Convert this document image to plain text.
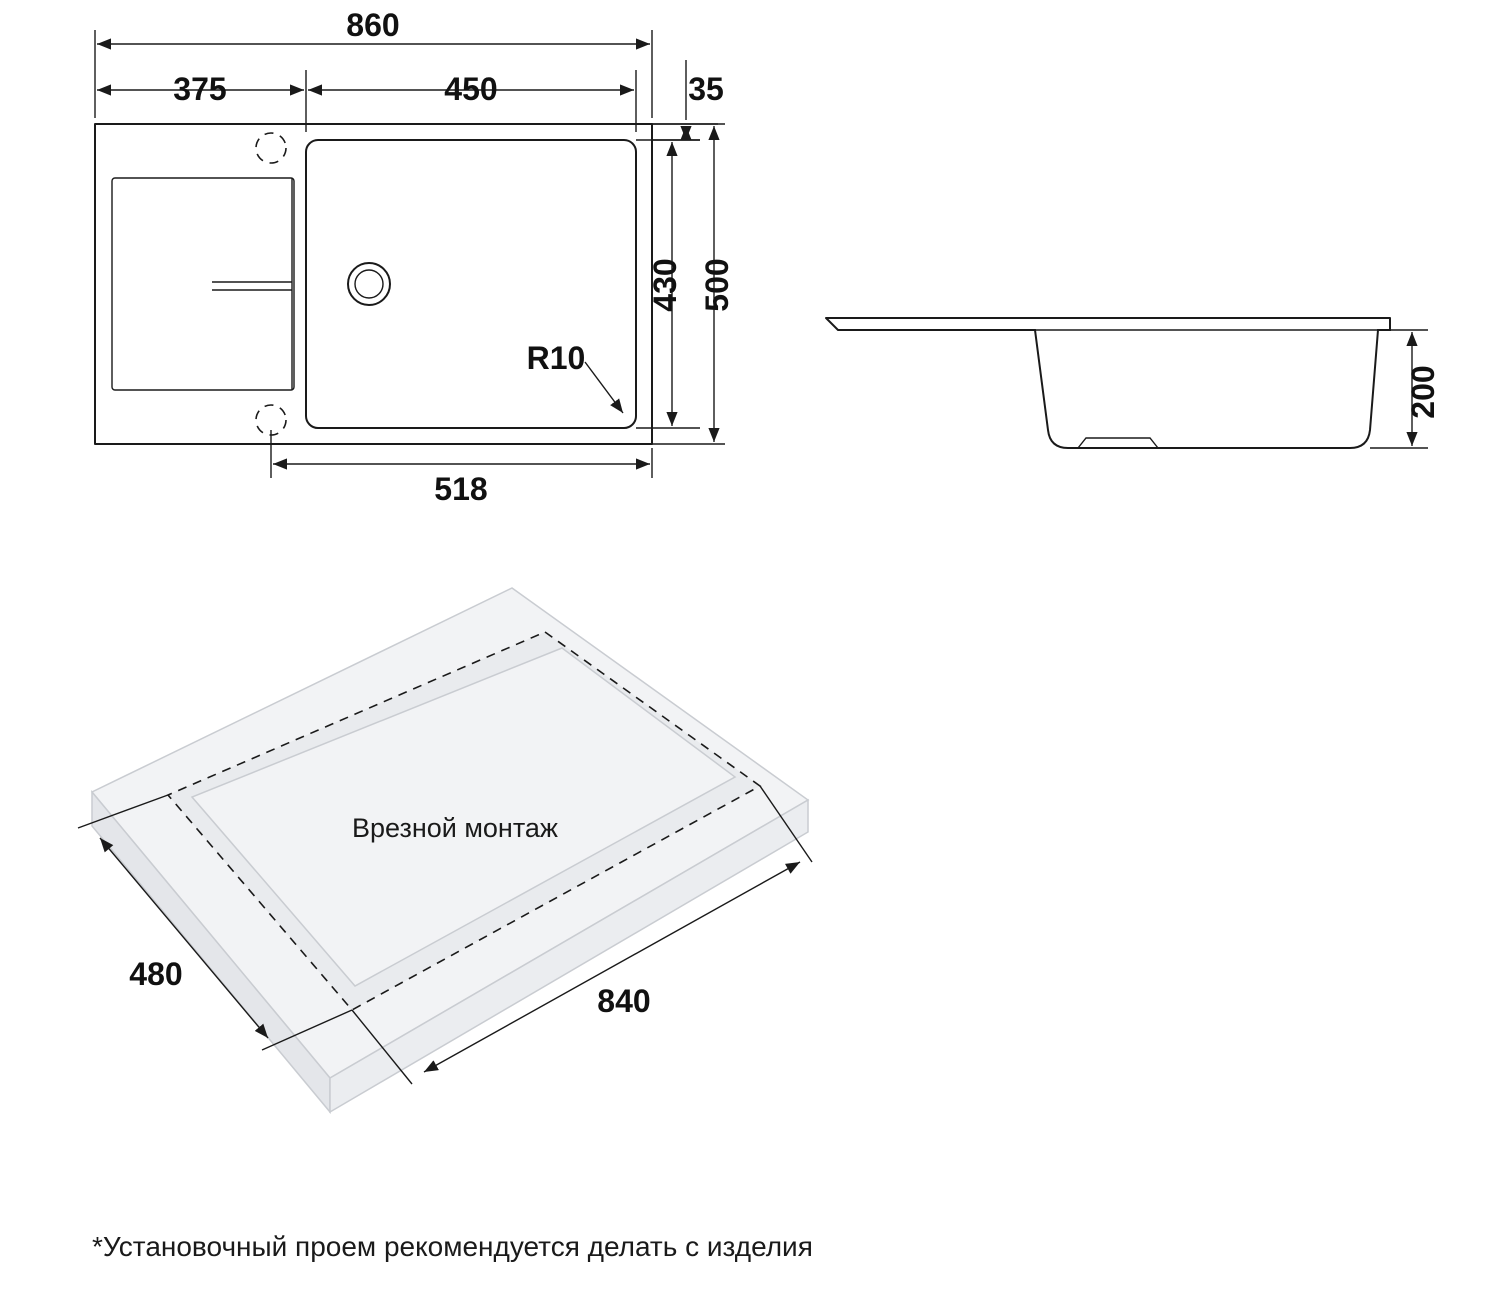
860
375	450	35
430 500
518
R10
200
480
840
Врезной монтаж
*Установочный проем рекомендуется делать с изделия
